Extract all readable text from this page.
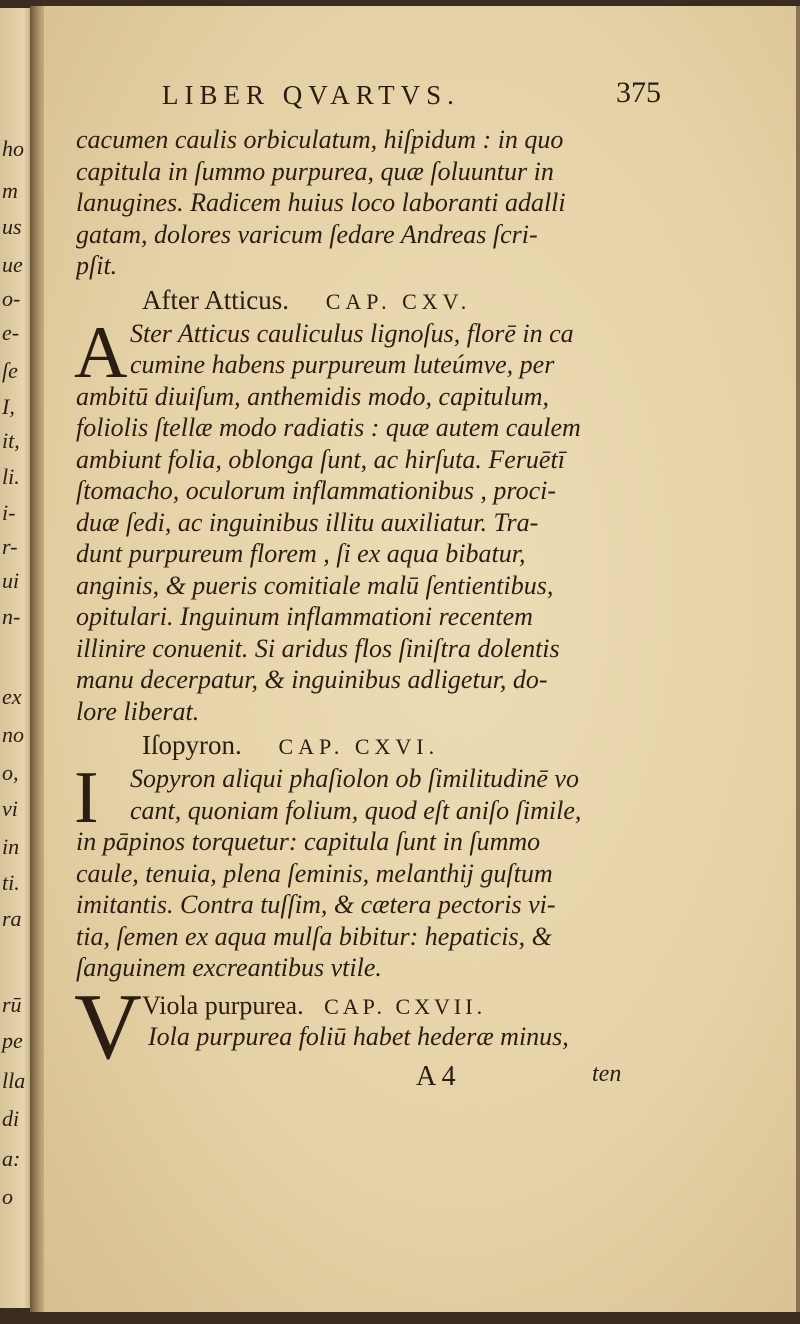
ho
m
us
ue
o-
e-
ſe
I,
it,
li.
i-
r-
ui
n-
ex
no
o,
vi
in
ti.
ra
rū
pe
lla
di
a:
o
LIBER QVARTVS.	375
cacumen caulis orbiculatum, hiſpidum : in quo
capitula in ſummo purpurea, quæ ſoluuntur in
lanugines. Radicem huius loco laboranti adalli
gatam, dolores varicum ſedare Andreas ſcri-
pſit.
After Atticus. CAP. CXV.
A Ster Atticus cauliculus lignoſus, florē in ca
cumine habens purpureum luteúmve, per
ambitū diuiſum, anthemidis modo, capitulum,
foliolis ſtellæ modo radiatis : quæ autem caulem
ambiunt folia, oblonga ſunt, ac hirſuta. Feruētī
ſtomacho, oculorum inflammationibus , proci-
duæ ſedi, ac inguinibus illitu auxiliatur. Tra-
dunt purpureum florem , ſi ex aqua bibatur,
anginis, & pueris comitiale malū ſentientibus,
opitulari. Inguinum inflammationi recentem
illinire conuenit. Si aridus flos ſiniſtra dolentis
manu decerpatur, & inguinibus adligetur, do-
lore liberat.
Iſopyron. CAP. CXVI.
I	Sopyron aliqui phaſiolon ob ſimilitudinē vo
cant, quoniam folium, quod eſt aniſo ſimile,
in pāpinos torquetur: capitula ſunt in ſummo
caule, tenuia, plena ſeminis, melanthij guſtum
imitantis. Contra tuſſim, & cætera pectoris vi-
tia, ſemen ex aqua mulſa bibitur: hepaticis, &
ſanguinem excreantibus vtile.
V Viola purpurea. CAP. CXVII.
Iola purpurea foliū habet hederæ minus,
A 4	ten
